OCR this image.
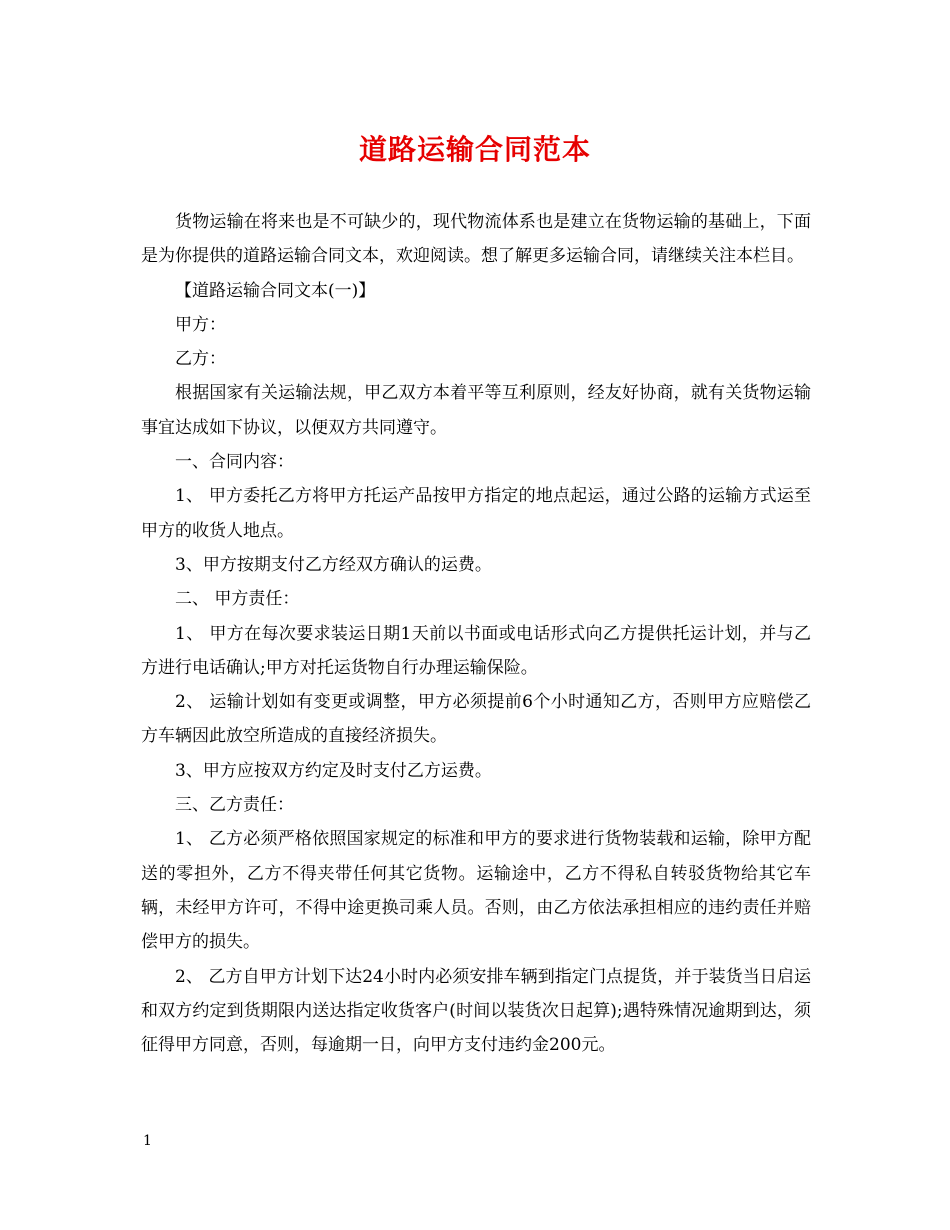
道路运输合同范本

货物运输在将来也是不可缺少的，现代物流体系也是建立在货物运输的基础上，下面是为你提供的道路运输合同文本，欢迎阅读。想了解更多运输合同，请继续关注本栏目。

【道路运输合同文本(一)】

甲方：

乙方：

根据国家有关运输法规，甲乙双方本着平等互利原则，经友好协商，就有关货物运输事宜达成如下协议，以便双方共同遵守。

一、合同内容：

1、 甲方委托乙方将甲方托运产品按甲方指定的地点起运，通过公路的运输方式运至甲方的收货人地点。

3、甲方按期支付乙方经双方确认的运费。

二、 甲方责任：

1、 甲方在每次要求装运日期1天前以书面或电话形式向乙方提供托运计划，并与乙方进行电话确认;甲方对托运货物自行办理运输保险。

2、 运输计划如有变更或调整，甲方必须提前6个小时通知乙方，否则甲方应赔偿乙方车辆因此放空所造成的直接经济损失。

3、甲方应按双方约定及时支付乙方运费。

三、乙方责任：

1、 乙方必须严格依照国家规定的标准和甲方的要求进行货物装载和运输，除甲方配送的零担外，乙方不得夹带任何其它货物。运输途中，乙方不得私自转驳货物给其它车辆，未经甲方许可，不得中途更换司乘人员。否则，由乙方依法承担相应的违约责任并赔偿甲方的损失。

2、 乙方自甲方计划下达24小时内必须安排车辆到指定门点提货，并于装货当日启运和双方约定到货期限内送达指定收货客户(时间以装货次日起算);遇特殊情况逾期到达，须征得甲方同意，否则，每逾期一日，向甲方支付违约金200元。

1
